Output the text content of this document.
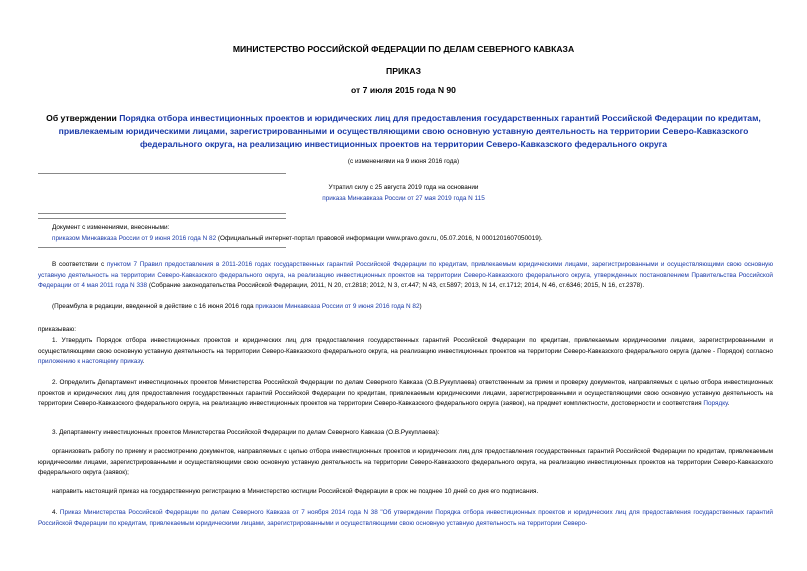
МИНИСТЕРСТВО РОССИЙСКОЙ ФЕДЕРАЦИИ ПО ДЕЛАМ СЕВЕРНОГО КАВКАЗА
ПРИКАЗ
от 7 июля 2015 года N 90
Об утверждении Порядка отбора инвестиционных проектов и юридических лиц для предоставления государственных гарантий Российской Федерации по кредитам, привлекаемым юридическими лицами, зарегистрированными и осуществляющими свою основную уставную деятельность на территории Северо-Кавказского федерального округа, на реализацию инвестиционных проектов на территории Северо-Кавказского федерального округа
(с изменениями на 9 июня 2016 года)
Утратил силу с 25 августа 2019 года на основании
приказа Минкавказа России от 27 мая 2019 года N 115
Документ с изменениями, внесенными:
приказом Минкавказа России от 9 июня 2016 года N 82 (Официальный интернет-портал правовой информации www.pravo.gov.ru, 05.07.2016, N 0001201607050019).
В соответствии с пунктом 7 Правил предоставления в 2011-2016 годах государственных гарантий Российской Федерации по кредитам, привлекаемым юридическими лицами, зарегистрированными и осуществляющими свою основную уставную деятельность на территории Северо-Кавказского федерального округа, на реализацию инвестиционных проектов на территории Северо-Кавказского федерального округа, утвержденных постановлением Правительства Российской Федерации от 4 мая 2011 года N 338 (Собрание законодательства Российской Федерации, 2011, N 20, ст.2818; 2012, N 3, ст.447; N 43, ст.5897; 2013, N 14, ст.1712; 2014, N 46, ст.6346; 2015, N 16, ст.2378).
(Преамбула в редакции, введенной в действие с 16 июня 2016 года приказом Минкавказа России от 9 июня 2016 года N 82)
приказываю:
1. Утвердить Порядок отбора инвестиционных проектов и юридических лиц для предоставления государственных гарантий Российской Федерации по кредитам, привлекаемым юридическими лицами, зарегистрированными и осуществляющими свою основную уставную деятельность на территории Северо-Кавказского федерального округа, на реализацию инвестиционных проектов на территории Северо-Кавказского федерального округа (далее - Порядок) согласно приложению к настоящему приказу.
2. Определить Департамент инвестиционных проектов Министерства Российской Федерации по делам Северного Кавказа (О.В.Рукуплаева) ответственным за прием и проверку документов, направляемых с целью отбора инвестиционных проектов и юридических лиц для предоставления государственных гарантий Российской Федерации по кредитам, привлекаемым юридическими лицами, зарегистрированными и осуществляющими свою основную уставную деятельность на территории Северо-Кавказского федерального округа, на реализацию инвестиционных проектов на территории Северо-Кавказского федерального округа (заявок), на предмет комплектности, достоверности и соответствия Порядку.
3. Департаменту инвестиционных проектов Министерства Российской Федерации по делам Северного Кавказа (О.В.Рукуплаева):
организовать работу по приему и рассмотрению документов, направляемых с целью отбора инвестиционных проектов и юридических лиц для предоставления государственных гарантий Российской Федерации по кредитам, привлекаемым юридическими лицами, зарегистрированными и осуществляющими свою основную уставную деятельность на территории Северо-Кавказского федерального округа, на реализацию инвестиционных проектов на территории Северо-Кавказского федерального округа (заявок);
направить настоящий приказ на государственную регистрацию в Министерство юстиции Российской Федерации в срок не позднее 10 дней со дня его подписания.
4. Приказ Министерства Российской Федерации по делам Северного Кавказа от 7 ноября 2014 года N 38 "Об утверждении Порядка отбора инвестиционных проектов и юридических лиц для предоставления государственных гарантий Российской Федерации по кредитам, привлекаемым юридическими лицами, зарегистрированными и осуществляющими свою основную уставную деятельность на территории Северо-
